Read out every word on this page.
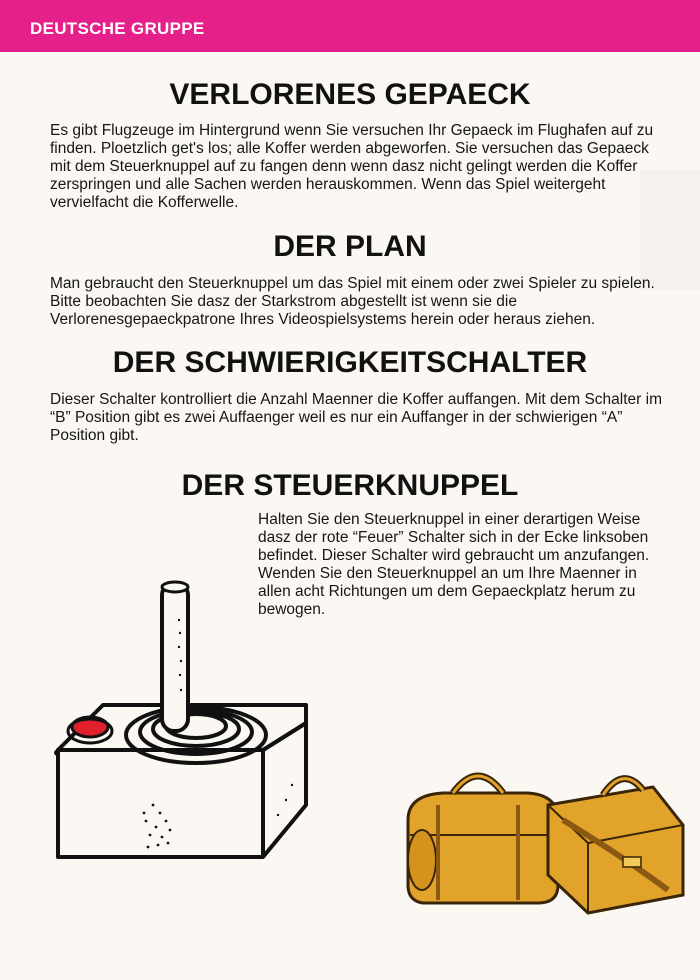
DEUTSCHE GRUPPE
VERLORENES GEPAECK

Es gibt Flugzeuge im Hintergrund wenn Sie versuchen Ihr Gepaeck im Flughafen auf zu finden. Ploetzlich get's los; alle Koffer werden abgeworfen. Sie versuchen das Gepaeck mit dem Steuerknuppel auf zu fangen denn wenn dasz nicht gelingt werden die Koffer zerspringen und alle Sachen werden herauskommen. Wenn das Spiel weitergeht vervielfacht die Kofferwelle.

DER PLAN

Man gebraucht den Steuerknuppel um das Spiel mit einem oder zwei Spieler zu spielen. Bitte beobachten Sie dasz der Starkstrom abgestellt ist wenn sie die Verlorenesgepaeckpatrone Ihres Videospielsystems herein oder heraus ziehen.

DER SCHWIERIGKEITSCHALTER

Dieser Schalter kontrolliert die Anzahl Maenner die Koffer auffangen. Mit dem Schalter im “B” Position gibt es zwei Auffaenger weil es nur ein Auffanger in der schwierigen “A” Position gibt.

DER STEUERKNUPPEL

Halten Sie den Steuerknuppel in einer derartigen Weise dasz der rote “Feuer” Schalter sich in der Ecke linksoben befindet. Dieser Schalter wird gebraucht um anzufangen. Wenden Sie den Steuerknuppel an um Ihre Maenner in allen acht Richtungen um dem Gepaeckplatz herum zu bewogen.
